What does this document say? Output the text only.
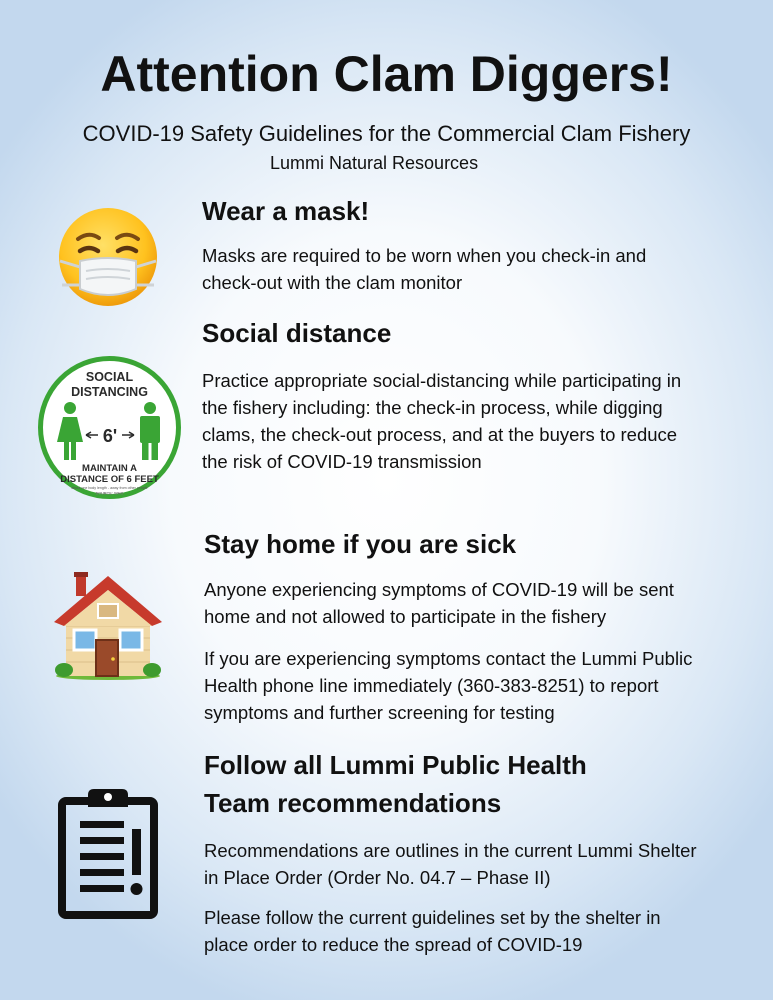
Attention Clam Diggers!
COVID-19 Safety Guidelines for the Commercial Clam Fishery
Lummi Natural Resources
Wear a mask!
Masks are required to be worn when you check-in and check-out with the clam monitor
SOCIAL
DISTANCING
6'
MAINTAIN A
DISTANCE OF 6 FEET
about one body length - away from other people
SOURCE: WHO
Social distance
Practice appropriate social-distancing while participating in the fishery including: the check-in process, while digging clams, the check-out process, and at the buyers to reduce the risk of COVID-19 transmission
Stay home if you are sick
Anyone experiencing symptoms of COVID-19 will be sent home and not allowed to participate in the fishery
If you are experiencing symptoms contact the Lummi Public Health phone line immediately (360-383-8251) to report symptoms and further screening for testing
Follow all Lummi Public Health
Team recommendations
Recommendations are outlines in the current Lummi Shelter in Place Order (Order No. 04.7 – Phase II)
Please follow the current guidelines set by the shelter in place order to reduce the spread of COVID-19
